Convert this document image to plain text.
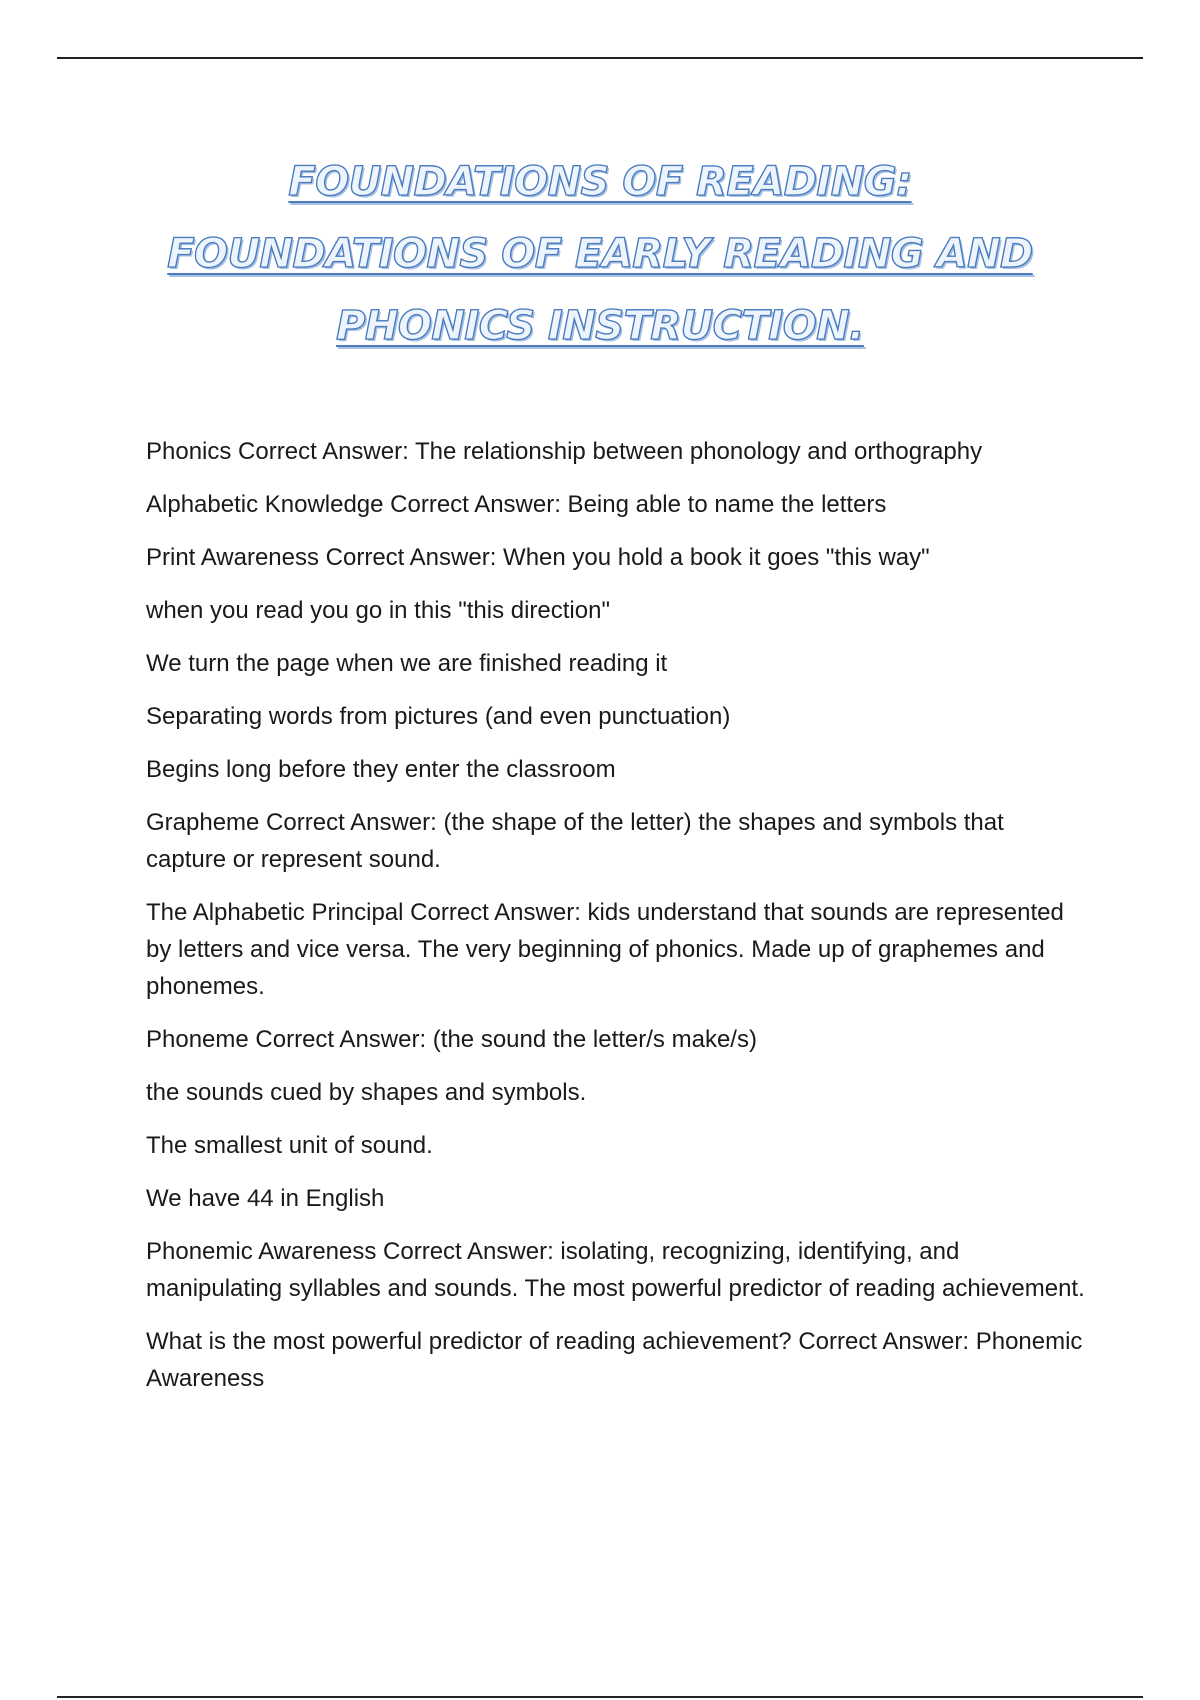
FOUNDATIONS OF READING:
FOUNDATIONS OF EARLY READING AND
PHONICS INSTRUCTION.

Phonics Correct Answer: The relationship between phonology and orthography

Alphabetic Knowledge Correct Answer: Being able to name the letters

Print Awareness Correct Answer: When you hold a book it goes "this way"

when you read you go in this "this direction"

We turn the page when we are finished reading it

Separating words from pictures (and even punctuation)

Begins long before they enter the classroom

Grapheme Correct Answer: (the shape of the letter) the shapes and symbols that capture or represent sound.

The Alphabetic Principal Correct Answer: kids understand that sounds are represented by letters and vice versa. The very beginning of phonics. Made up of graphemes and phonemes.

Phoneme Correct Answer: (the sound the letter/s make/s)

the sounds cued by shapes and symbols.

The smallest unit of sound.

We have 44 in English

Phonemic Awareness Correct Answer: isolating, recognizing, identifying, and manipulating syllables and sounds. The most powerful predictor of reading achievement.

What is the most powerful predictor of reading achievement? Correct Answer: Phonemic Awareness
